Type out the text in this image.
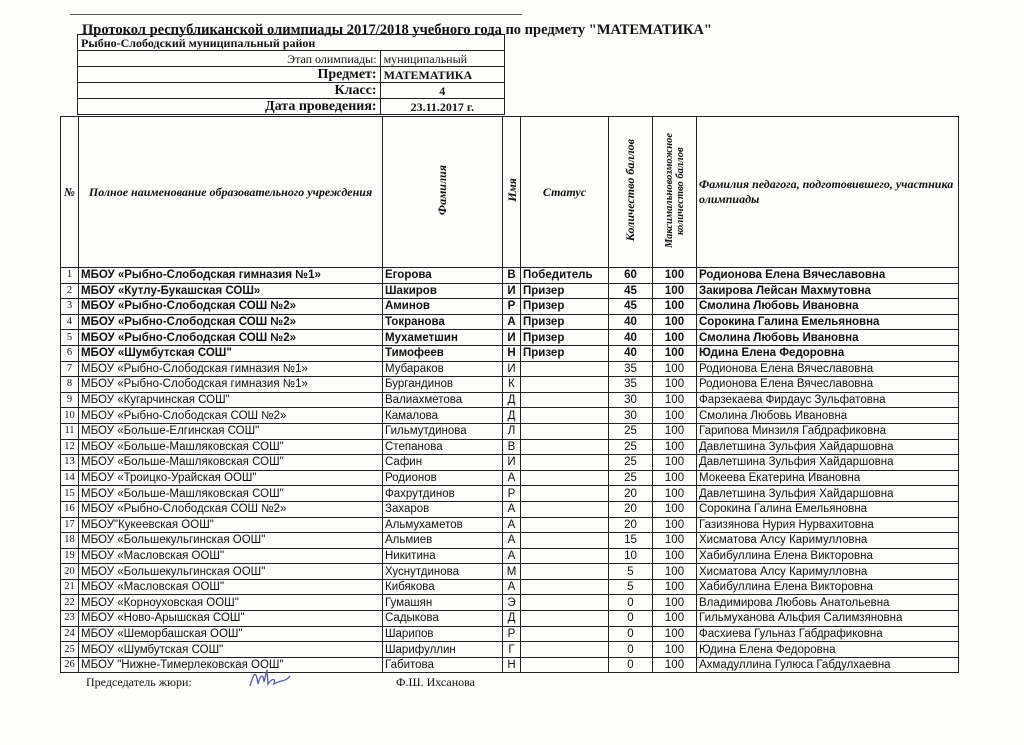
Протокол республиканской олимпиады 2017/2018 учебного года по предмету "МАТЕМАТИКА"
Рыбно-Слободский муниципальный район	
Этап олимпиады:	муниципальный
Предмет:	МАТЕМАТИКА
Класс:	4
Дата проведения:	23.11.2017 г.
№	Полное наименование образовательного учреждения	Фамилия	Имя	Статус	Количество баллов	Максимальновозможное количество баллов	Фамилия педагога, подготовившего, участника олимпиады
1	МБОУ «Рыбно-Слободская гимназия №1»	Егорова	В	Победитель	60	100	Родионова Елена Вячеславовна
2	МБОУ «Кутлу-Букашская СОШ»	Шакиров	И	Призер	45	100	Закирова Лейсан Махмутовна
3	МБОУ «Рыбно-Слободская СОШ №2»	Аминов	Р	Призер	45	100	Смолина Любовь Ивановна
4	МБОУ «Рыбно-Слободская СОШ №2»	Токранова	А	Призер	40	100	Сорокина Галина Емельяновна
5	МБОУ «Рыбно-Слободская СОШ №2»	Мухаметшин	И	Призер	40	100	Смолина Любовь Ивановна
6	МБОУ «Шумбутская СОШ"	Тимофеев	Н	Призер	40	100	Юдина Елена Федоровна
7	МБОУ «Рыбно-Слободская гимназия №1»	Мубараков	И		35	100	Родионова Елена Вячеславовна
8	МБОУ «Рыбно-Слободская гимназия №1»	Бургандинов	К		35	100	Родионова Елена Вячеславовна
9	МБОУ «Кугарчинская СОШ"	Валиахметова	Д		30	100	Фарзекаева Фирдаус Зульфатовна
10	МБОУ «Рыбно-Слободская СОШ №2»	Камалова	Д		30	100	Смолина Любовь Ивановна
11	МБОУ «Больше-Елгинская СОШ"	Гильмутдинова	Л		25	100	Гарипова Минзиля Габдрафиковна
12	МБОУ «Больше-Машляковская СОШ"	Степанова	В		25	100	Давлетшина Зульфия Хайдаршовна
13	МБОУ «Больше-Машляковская СОШ"	Сафин	И		25	100	Давлетшина Зульфия Хайдаршовна
14	МБОУ «Троицко-Урайская ООШ"	Родионов	А		25	100	Мокеева Екатерина Ивановна
15	МБОУ «Больше-Машляковская СОШ"	Фахрутдинов	Р		20	100	Давлетшина Зульфия Хайдаршовна
16	МБОУ «Рыбно-Слободская СОШ №2»	Захаров	А		20	100	Сорокина Галина Емельяновна
17	МБОУ"Кукеевская ООШ"	Альмухаметов	А		20	100	Газизянова Нурия Нурвахитовна
18	МБОУ «Большекульгинская ООШ"	Альмиев	А		15	100	Хисматова Алсу Каримулловна
19	МБОУ «Масловская ООШ"	Никитина	А		10	100	Хабибуллина Елена Викторовна
20	МБОУ «Большекульгинская ООШ"	Хуснутдинова	М		5	100	Хисматова Алсу Каримулловна
21	МБОУ «Масловская ООШ"	Кибякова	А		5	100	Хабибуллина Елена Викторовна
22	МБОУ «Корноуховская ООШ"	Гумашян	Э		0	100	Владимирова Любовь Анатольевна
23	МБОУ «Ново-Арышская СОШ"	Садыкова	Д		0	100	Гильмуханова Альфия Салимзяновна
24	МБОУ «Шеморбашская ООШ"	Шарипов	Р		0	100	Фасхиева Гульназ Габдрафиковна
25	МБОУ «Шумбутская СОШ"	Шарифуллин	Г		0	100	Юдина Елена Федоровна
26	МБОУ "Нижне-Тимерлековская ООШ"	Габитова	Н		0	100	Ахмадуллина Гулюса Габдулхаевна
Председатель жюри:	Ф.Ш. Ихсанова
